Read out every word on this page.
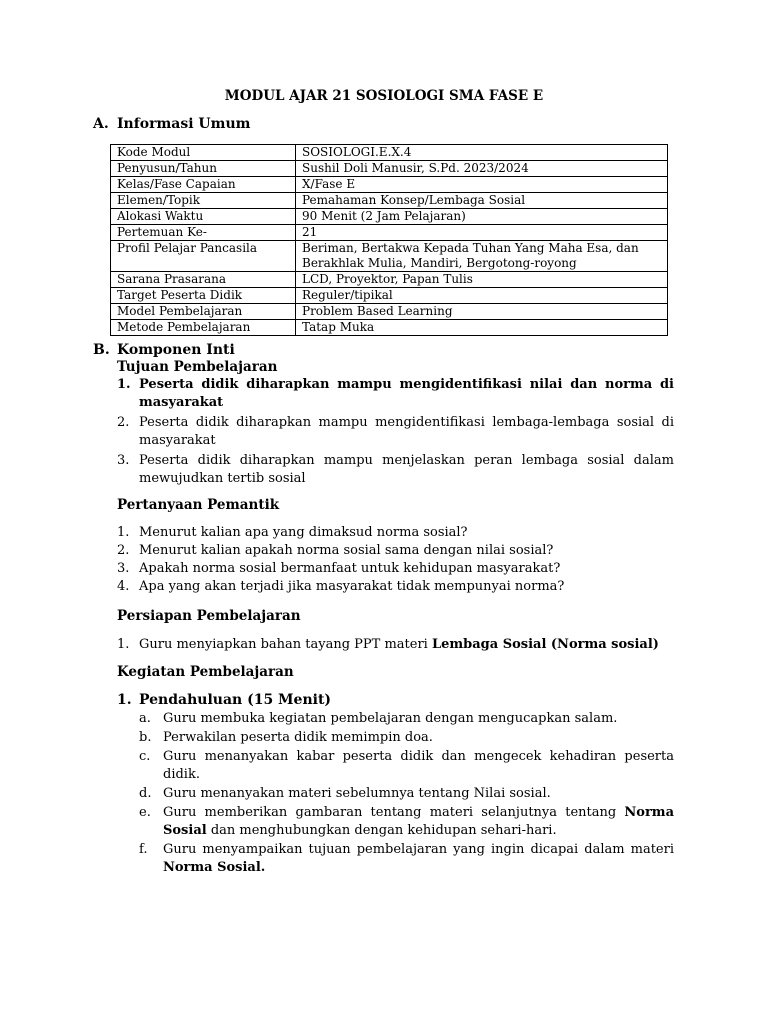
MODUL AJAR 21 SOSIOLOGI SMA FASE E
A. Informasi Umum
Kode Modul	SOSIOLOGI.E.X.4
Penyusun/Tahun	Sushil Doli Manusir, S.Pd. 2023/2024
Kelas/Fase Capaian	X/Fase E
Elemen/Topik	Pemahaman Konsep/Lembaga Sosial
Alokasi Waktu	90 Menit (2 Jam Pelajaran)
Pertemuan Ke-	21
Profil Pelajar Pancasila	Beriman, Bertakwa Kepada Tuhan Yang Maha Esa, dan Berakhlak Mulia, Mandiri, Bergotong-royong
Sarana Prasarana	LCD, Proyektor, Papan Tulis
Target Peserta Didik	Reguler/tipikal
Model Pembelajaran	Problem Based Learning
Metode Pembelajaran	Tatap Muka
B. Komponen Inti
Tujuan Pembelajaran
1. Peserta didik diharapkan mampu mengidentifikasi nilai dan norma di masyarakat
2. Peserta didik diharapkan mampu mengidentifikasi lembaga-lembaga sosial di masyarakat
3. Peserta didik diharapkan mampu menjelaskan peran lembaga sosial dalam mewujudkan tertib sosial
Pertanyaan Pemantik
1. Menurut kalian apa yang dimaksud norma sosial?
2. Menurut kalian apakah norma sosial sama dengan nilai sosial?
3. Apakah norma sosial bermanfaat untuk kehidupan masyarakat?
4. Apa yang akan terjadi jika masyarakat tidak mempunyai norma?
Persiapan Pembelajaran
1. Guru menyiapkan bahan tayang PPT materi Lembaga Sosial (Norma sosial)
Kegiatan Pembelajaran
1. Pendahuluan (15 Menit)
a. Guru membuka kegiatan pembelajaran dengan mengucapkan salam.
b. Perwakilan peserta didik memimpin doa.
c. Guru menanyakan kabar peserta didik dan mengecek kehadiran peserta didik.
d. Guru menanyakan materi sebelumnya tentang Nilai sosial.
e. Guru memberikan gambaran tentang materi selanjutnya tentang Norma Sosial dan menghubungkan dengan kehidupan sehari-hari.
f. Guru menyampaikan tujuan pembelajaran yang ingin dicapai dalam materi Norma Sosial.
